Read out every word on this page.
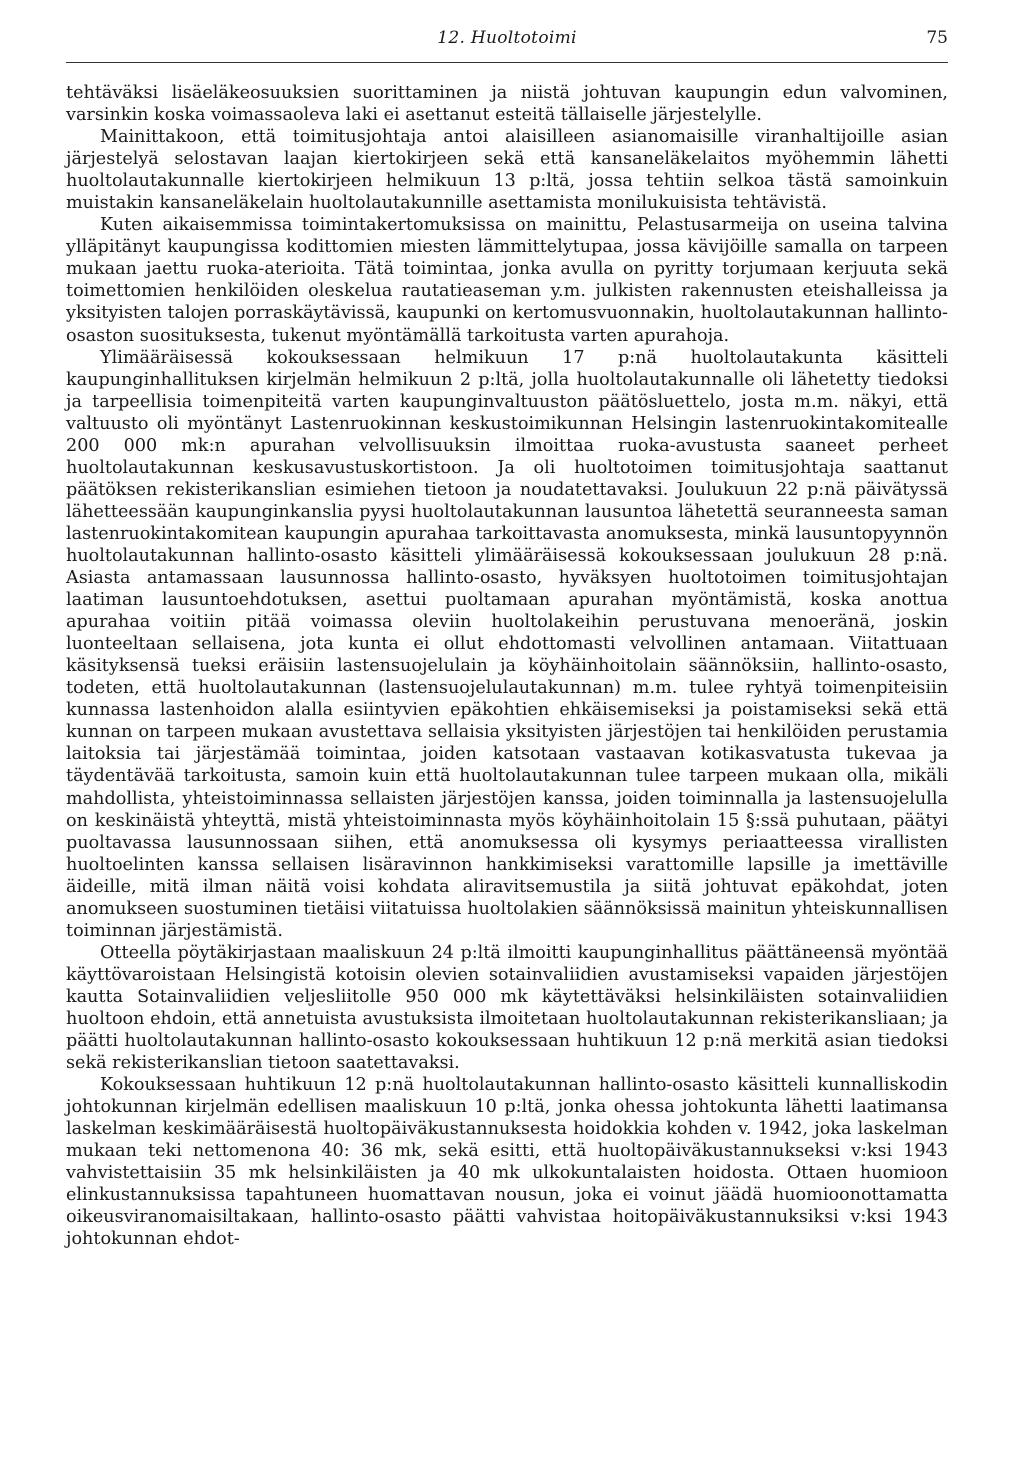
12. Huoltotoimi	75

tehtäväksi lisäeläkeosuuksien suorittaminen ja niistä johtuvan kaupungin edun valvominen, varsinkin koska voimassaoleva laki ei asettanut esteitä tällaiselle järjestelylle.

Mainittakoon, että toimitusjohtaja antoi alaisilleen asianomaisille viranhaltijoille asian järjestelyä selostavan laajan kiertokirjeen sekä että kansaneläkelaitos myöhemmin lähetti huoltolautakunnalle kiertokirjeen helmikuun 13 p:ltä, jossa tehtiin selkoa tästä samoinkuin muistakin kansaneläkelain huoltolautakunnille asettamista monilukuisista tehtävistä.

Kuten aikaisemmissa toimintakertomuksissa on mainittu, Pelastusarmeija on useina talvina ylläpitänyt kaupungissa kodittomien miesten lämmittelytupaa, jossa kävijöille samalla on tarpeen mukaan jaettu ruoka-aterioita. Tätä toimintaa, jonka avulla on pyritty torjumaan kerjuuta sekä toimettomien henkilöiden oleskelua rautatieaseman y.m. julkisten rakennusten eteishalleissa ja yksityisten talojen porraskäytävissä, kaupunki on kertomusvuonnakin, huoltolautakunnan hallinto-osaston suosituksesta, tukenut myöntämällä tarkoitusta varten apurahoja.

Ylimääräisessä kokouksessaan helmikuun 17 p:nä huoltolautakunta käsitteli kaupunginhallituksen kirjelmän helmikuun 2 p:ltä, jolla huoltolautakunnalle oli lähetetty tiedoksi ja tarpeellisia toimenpiteitä varten kaupunginvaltuuston päätösluettelo, josta m.m. näkyi, että valtuusto oli myöntänyt Lastenruokinnan keskustoimikunnan Helsingin lastenruokintakomitealle 200 000 mk:n apurahan velvollisuuksin ilmoittaa ruoka-avustusta saaneet perheet huoltolautakunnan keskusavustuskortistoon. Ja oli huoltotoimen toimitusjohtaja saattanut päätöksen rekisterikanslian esimiehen tietoon ja noudatettavaksi. Joulukuun 22 p:nä päivätyssä lähetteessään kaupunginkanslia pyysi huoltolautakunnan lausuntoa lähetettä seuranneesta saman lastenruokintakomitean kaupungin apurahaa tarkoittavasta anomuksesta, minkä lausuntopyynnön huoltolautakunnan hallinto-osasto käsitteli ylimääräisessä kokouksessaan joulukuun 28 p:nä. Asiasta antamassaan lausunnossa hallinto-osasto, hyväksyen huoltotoimen toimitusjohtajan laatiman lausuntoehdotuksen, asettui puoltamaan apurahan myöntämistä, koska anottua apurahaa voitiin pitää voimassa oleviin huoltolakeihin perustuvana menoeränä, joskin luonteeltaan sellaisena, jota kunta ei ollut ehdottomasti velvollinen antamaan. Viitattuaan käsityksensä tueksi eräisiin lastensuojelulain ja köyhäinhoitolain säännöksiin, hallinto-osasto, todeten, että huoltolautakunnan (lastensuojelulautakunnan) m.m. tulee ryhtyä toimenpiteisiin kunnassa lastenhoidon alalla esiintyvien epäkohtien ehkäisemiseksi ja poistamiseksi sekä että kunnan on tarpeen mukaan avustettava sellaisia yksityisten järjestöjen tai henkilöiden perustamia laitoksia tai järjestämää toimintaa, joiden katsotaan vastaavan kotikasvatusta tukevaa ja täydentävää tarkoitusta, samoin kuin että huoltolautakunnan tulee tarpeen mukaan olla, mikäli mahdollista, yhteistoiminnassa sellaisten järjestöjen kanssa, joiden toiminnalla ja lastensuojelulla on keskinäistä yhteyttä, mistä yhteistoiminnasta myös köyhäinhoitolain 15 §:ssä puhutaan, päätyi puoltavassa lausunnossaan siihen, että anomuksessa oli kysymys periaatteessa virallisten huoltoelinten kanssa sellaisen lisäravinnon hankkimiseksi varattomille lapsille ja imettäville äideille, mitä ilman näitä voisi kohdata aliravitsemustila ja siitä johtuvat epäkohdat, joten anomukseen suostuminen tietäisi viitatuissa huoltolakien säännöksissä mainitun yhteiskunnallisen toiminnan järjestämistä.

Otteella pöytäkirjastaan maaliskuun 24 p:ltä ilmoitti kaupunginhallitus päättäneensä myöntää käyttövaroistaan Helsingistä kotoisin olevien sotainvaliidien avustamiseksi vapaiden järjestöjen kautta Sotainvaliidien veljesliitolle 950 000 mk käytettäväksi helsinkiläisten sotainvaliidien huoltoon ehdoin, että annetuista avustuksista ilmoitetaan huoltolautakunnan rekisterikansliaan; ja päätti huoltolautakunnan hallinto-osasto kokouksessaan huhtikuun 12 p:nä merkitä asian tiedoksi sekä rekisterikanslian tietoon saatettavaksi.

Kokouksessaan huhtikuun 12 p:nä huoltolautakunnan hallinto-osasto käsitteli kunnalliskodin johtokunnan kirjelmän edellisen maaliskuun 10 p:ltä, jonka ohessa johtokunta lähetti laatimansa laskelman keskimääräisestä huoltopäiväkustannuksesta hoidokkia kohden v. 1942, joka laskelman mukaan teki nettomenona 40: 36 mk, sekä esitti, että huoltopäiväkustannukseksi v:ksi 1943 vahvistettaisiin 35 mk helsinkiläisten ja 40 mk ulkokuntalaisten hoidosta. Ottaen huomioon elinkustannuksissa tapahtuneen huomattavan nousun, joka ei voinut jäädä huomioonottamatta oikeusviranomaisiltakaan, hallinto-osasto päätti vahvistaa hoitopäiväkustannuksiksi v:ksi 1943 johtokunnan ehdot-
